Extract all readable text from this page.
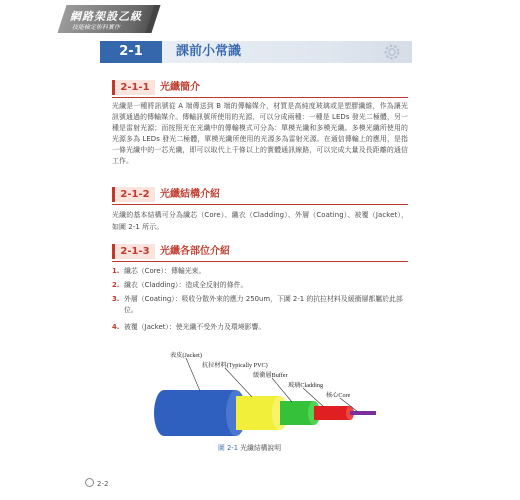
網路架設乙級
技能檢定術科實作
2-1	課前小常識
2-1-1	光纖簡介

光纖是一種將訊號從 A 端傳送到 B 端的傳輸媒介，材質是高純度玻璃或是塑膠纖維，作為讓光訊號通過的傳輸媒介。傳輸訊號所使用的光源，可以分成兩種：一種是 LEDs 發光二極體，另一種是雷射光源；而按照光在光纖中的傳輸模式可分為：單模光纖和多模光纖。多模光纖所使用的光源多為 LEDs 發光二極體，單模光纖所使用的光源多為雷射光源。在通信傳輸上的應用，是指一條光纖中的一芯光纖，即可以取代上千條以上的實體通訊線路，可以完成大量及長距離的通信工作。

2-1-2	光纖結構介紹

光纖的基本結構可分為纖芯（Core）、纖衣（Cladding）、外層（Coating）、被覆（Jacket），如圖 2-1 所示。

2-1-3	光纖各部位介紹
1. 纖芯（Core）：傳輸光束。
2. 纖衣（Cladding）：造成全反射的條件。
3. 外層（Coating）：吸收分散外來的應力 250um，下圖 2-1 的抗拉材料及緩衝層都屬於此部位。
4. 被覆（Jacket）：使光纖不受外力及環境影響。
表皮(Jacket)
抗拉材料(Typically PVC)
緩衝層Buffer
玻璃Cladding
核心Core
圖 2-1 光纖結構說明
2-2
